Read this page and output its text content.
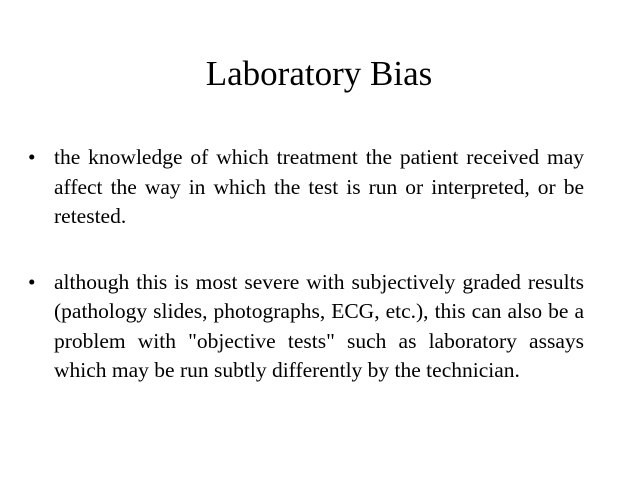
Laboratory Bias
• the knowledge of which treatment the patient received may affect the way in which the test is run or interpreted, or be retested.
• although this is most severe with subjectively graded results (pathology slides, photographs, ECG, etc.), this can also be a problem with "objective tests" such as laboratory assays which may be run subtly differently by the technician.
